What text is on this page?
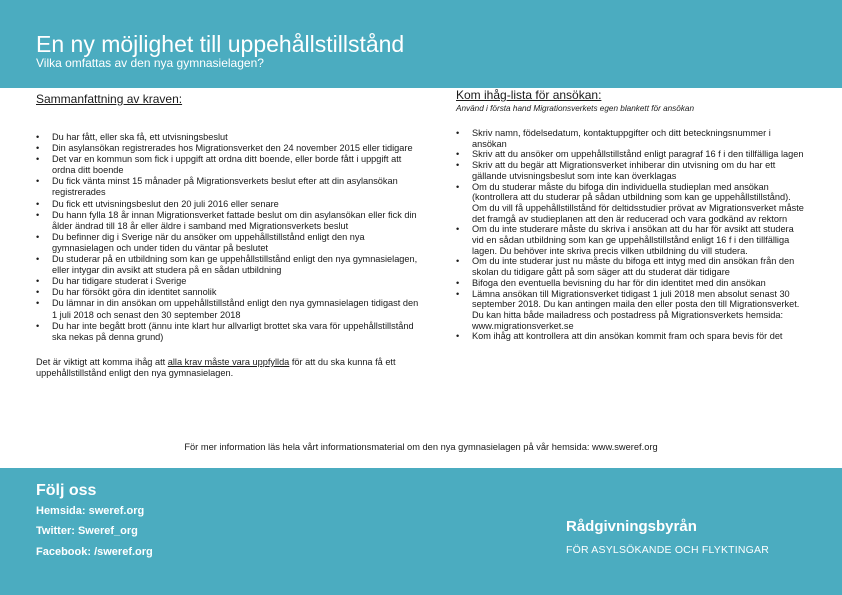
En ny möjlighet till uppehållstillstånd
Vilka omfattas av den nya gymnasielagen?
Sammanfattning av kraven:
• Du har fått, eller ska få, ett utvisningsbeslut
• Din asylansökan registrerades hos Migrationsverket den 24 november 2015 eller tidigare
• Det var en kommun som fick i uppgift att ordna ditt boende, eller borde fått i uppgift att ordna ditt boende
• Du fick vänta minst 15 månader på Migrationsverkets beslut efter att din asylansökan registrerades
• Du fick ett utvisningsbeslut den 20 juli 2016 eller senare
• Du hann fylla 18 år innan Migrationsverket fattade beslut om din asylansökan eller fick din ålder ändrad till 18 år eller äldre i samband med Migrationsverkets beslut
• Du befinner dig i Sverige när du ansöker om uppehållstillstånd enligt den nya gymnasielagen och under tiden du väntar på beslutet
• Du studerar på en utbildning som kan ge uppehållstillstånd enligt den nya gymnasielagen, eller intygar din avsikt att studera på en sådan utbildning
• Du har tidigare studerat i Sverige
• Du har försökt göra din identitet sannolik
• Du lämnar in din ansökan om uppehållstillstånd enligt den nya gymnasielagen tidigast den 1 juli 2018 och senast den 30 september 2018
• Du har inte begått brott (ännu inte klart hur allvarligt brottet ska vara för uppehållstillstånd ska nekas på denna grund)

Det är viktigt att komma ihåg att alla krav måste vara uppfyllda för att du ska kunna få ett uppehållstillstånd enligt den nya gymnasielagen.

Kom ihåg-lista för ansökan:
Använd i första hand Migrationsverkets egen blankett för ansökan
• Skriv namn, födelsedatum, kontaktuppgifter och ditt beteckningsnummer i ansökan
• Skriv att du ansöker om uppehållstillstånd enligt paragraf 16 f i den tillfälliga lagen
• Skriv att du begär att Migrationsverket inhiberar din utvisning om du har ett gällande utvisningsbeslut som inte kan överklagas
• Om du studerar måste du bifoga din individuella studieplan med ansökan (kontrollera att du studerar på sådan utbildning som kan ge uppehållstillstånd). Om du vill få uppehållstillstånd för deltidsstudier prövat av Migrationsverket måste det framgå av studieplanen att den är reducerad och vara godkänd av rektorn
• Om du inte studerare måste du skriva i ansökan att du har för avsikt att studera vid en sådan utbildning som kan ge uppehållstillstånd enligt 16 f i den tillfälliga lagen. Du behöver inte skriva precis vilken utbildning du vill studera.
• Om du inte studerar just nu måste du bifoga ett intyg med din ansökan från den skolan du tidigare gått på som säger att du studerat där tidigare
• Bifoga den eventuella bevisning du har för din identitet med din ansökan
• Lämna ansökan till Migrationsverket tidigast 1 juli 2018 men absolut senast 30 september 2018. Du kan antingen maila den eller posta den till Migrationsverket. Du kan hitta både mailadress och postadress på Migrationsverkets hemsida: www.migrationsverket.se
• Kom ihåg att kontrollera att din ansökan kommit fram och spara bevis för det
För mer information läs hela vårt informationsmaterial om den nya gymnasielagen på vår hemsida: www.sweref.org
Följ oss
Hemsida: sweref.org
Twitter: Sweref_org
Facebook: /sweref.org
Rådgivningsbyrån
FÖR ASYLSÖKANDE OCH FLYKTINGAR
